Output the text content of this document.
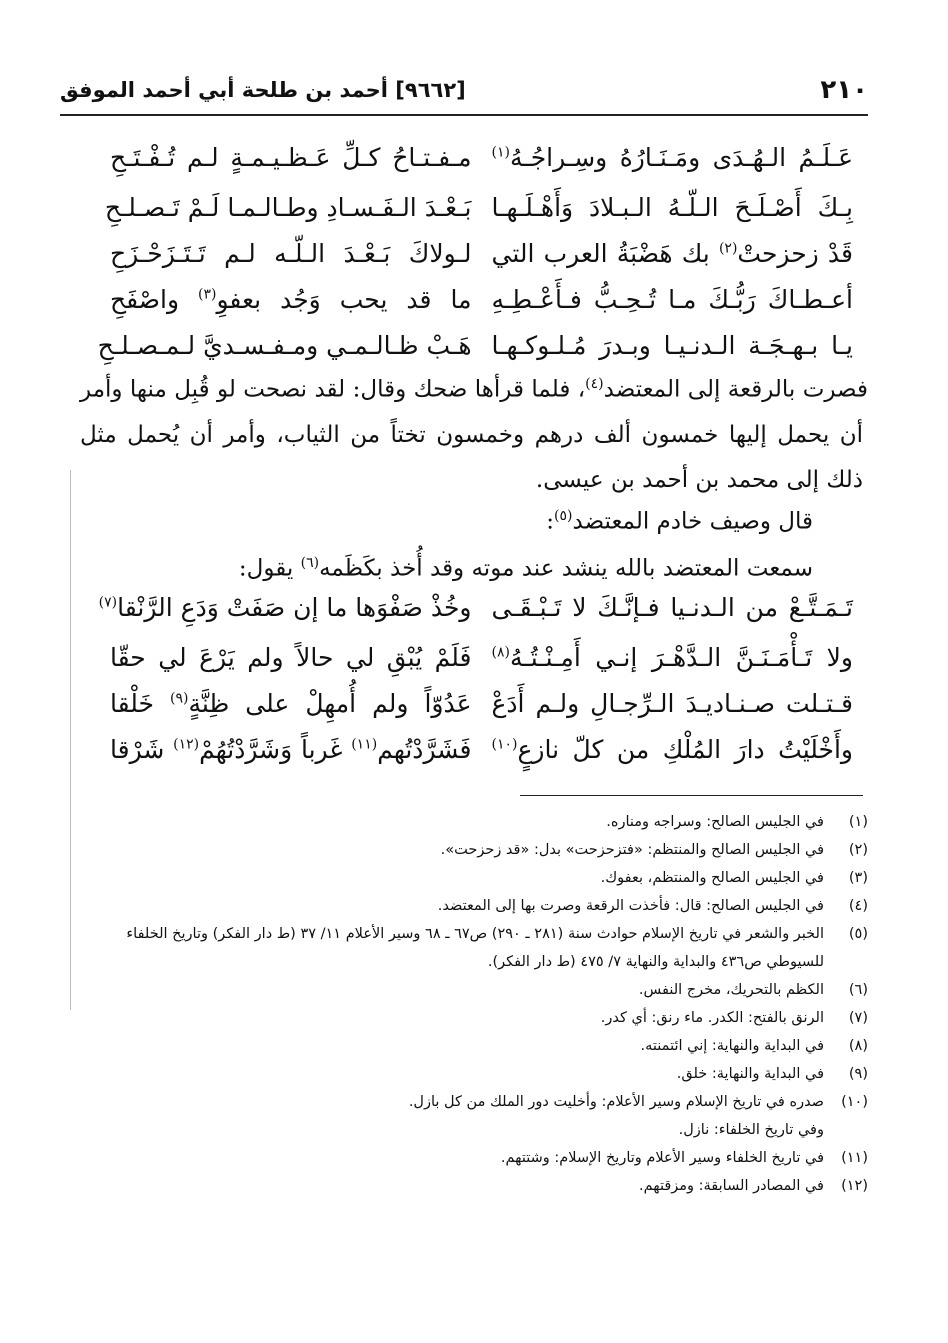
[٩٦٦٢] أحمد بن طلحة أبي أحمد الموفق	٢١٠
عَـلَـمُ الـهُـدَى ومَـنَـارُهُ وسِـراجُـهُ$^{(١)}$
مـفـتـاحُ كـلِّ عَـظـيـمـةٍ لـم تُـفْـتَـحِ
بِـكَ أَصْـلَـحَ الـلّـهُ الـبـلادَ وَأَهْـلَـهـا
بَـعْـدَ الـفَـسـادِ وطـالـمـا لَـمْ تَـصـلـحِ
قَدْ زحزحتْ$^{(٢)}$ بك هَضْبَةُ العرب التي
لـولاكَ بَـعْـدَ الـلّـه لـم تَـتَـزَحْـزَحِ
أعـطـاكَ رَبُّـكَ مـا تُـحِـبُّ فـأَعْـطِـهِ
ما قد يحب وَجُد بعفوِ$^{(٣)}$ واصْفَحِ
يـا بـهـجَـة الـدنـيـا وبـدرَ مُـلـوكـهـا
هَـبْ ظـالـمـي ومـفـسـديَّ لـمـصـلـحِ
فصرت بالرقعة إلى المعتضد$^{(٤)}$، فلما قرأها ضحك وقال: لقد نصحت لو قُبِل منها وأمر أن يحمل إليها خمسون ألف درهم وخمسون تختاً من الثياب، وأمر أن يُحمل مثل ذلك إلى محمد بن أحمد بن عيسى.
قال وصيف خادم المعتضد$^{(٥)}$:
سمعت المعتضد بالله ينشد عند موته وقد أُخذ بكَظَمه$^{(٦)}$ يقول:
تَـمَـتَّـعْ من الـدنـيا فـإنَّـكَ لا تَـبْـقَـى
وخُذْ صَفْوَها ما إن صَفَتْ وَدَعِ الرَّنْقا$^{(٧)}$
ولا تَـأْمَـنَـنَّ الـدَّهْـرَ إنـي أَمِـنْـتُـهُ$^{(٨)}$
فَلَمْ يُبْقِ لي حالاً ولم يَرْعَ لي حقّا
قـتـلت صـنـاديـدَ الـرِّجـالِ ولـم أَدَعْ
عَدُوّاً ولم أُمهِلْ على ظِنَّةٍ$^{(٩)}$ خَلْقا
وأَخْلَيْتُ دارَ المُلْكِ من كلّ نازعٍ$^{(١٠)}$
فَشَرَّدْتُهم$^{(١١)}$ غَرباً وَشَرَّدْتُهُمْ$^{(١٢)}$ شَرْقا
(١)
في الجليس الصالح: وسراجه ومناره.
(٢)
في الجليس الصالح والمنتظم: «فتزحزحت» بدل: «قد زحزحت».
(٣)
في الجليس الصالح والمنتظم، بعفوك.
(٤)
في الجليس الصالح: قال: فأخذت الرقعة وصرت بها إلى المعتضد.
(٥)
الخبر والشعر في تاريخ الإسلام حوادث سنة (٢٨١ ـ ٢٩٠) ص٦٧ ـ ٦٨ وسير الأعلام ١١/ ٣٧ (ط دار الفكر) وتاريخ الخلفاء للسيوطي ص٤٣٦ والبداية والنهاية ٧/ ٤٧٥ (ط دار الفكر).
(٦)
الكظم بالتحريك، مخرج النفس.
(٧)
الرنق بالفتح: الكدر. ماء رنق: أي كدر.
(٨)
في البداية والنهاية: إني ائتمنته.
(٩)
في البداية والنهاية: خلق.
(١٠)
صدره في تاريخ الإسلام وسير الأعلام: وأخليت دور الملك من كل بازل.
وفي تاريخ الخلفاء: نازل.
(١١)
في تاريخ الخلفاء وسير الأعلام وتاريخ الإسلام: وشتتهم.
(١٢)
في المصادر السابقة: ومزقتهم.
